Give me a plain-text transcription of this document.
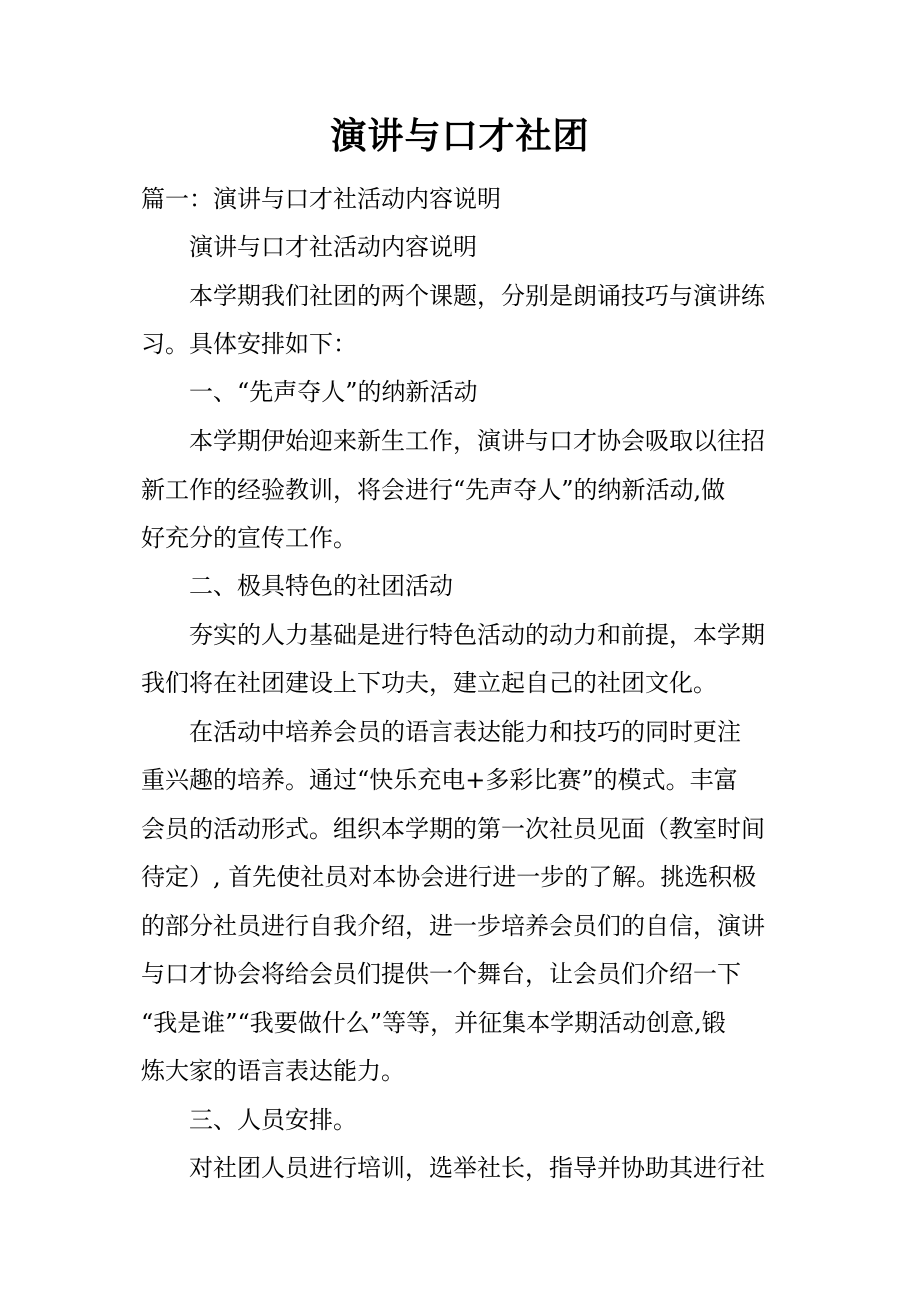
演讲与口才社团
篇一：演讲与口才社活动内容说明
演讲与口才社活动内容说明
本学期我们社团的两个课题，分别是朗诵技巧与演讲练
习。具体安排如下：
一、“先声夺人”的纳新活动
本学期伊始迎来新生工作，演讲与口才协会吸取以往招
新工作的经验教训，将会进行“先声夺人”的纳新活动,做
好充分的宣传工作。
二、极具特色的社团活动
夯实的人力基础是进行特色活动的动力和前提，本学期
我们将在社团建设上下功夫，建立起自己的社团文化。
在活动中培养会员的语言表达能力和技巧的同时更注
重兴趣的培养。通过“快乐充电+多彩比赛”的模式。丰富
会员的活动形式。组织本学期的第一次社员见面（教室时间
待定）, 首先使社员对本协会进行进一步的了解。挑选积极
的部分社员进行自我介绍，进一步培养会员们的自信，演讲
与口才协会将给会员们提供一个舞台，让会员们介绍一下
“我是谁”“我要做什么”等等，并征集本学期活动创意,锻
炼大家的语言表达能力。
三、人员安排。
对社团人员进行培训，选举社长，指导并协助其进行社
